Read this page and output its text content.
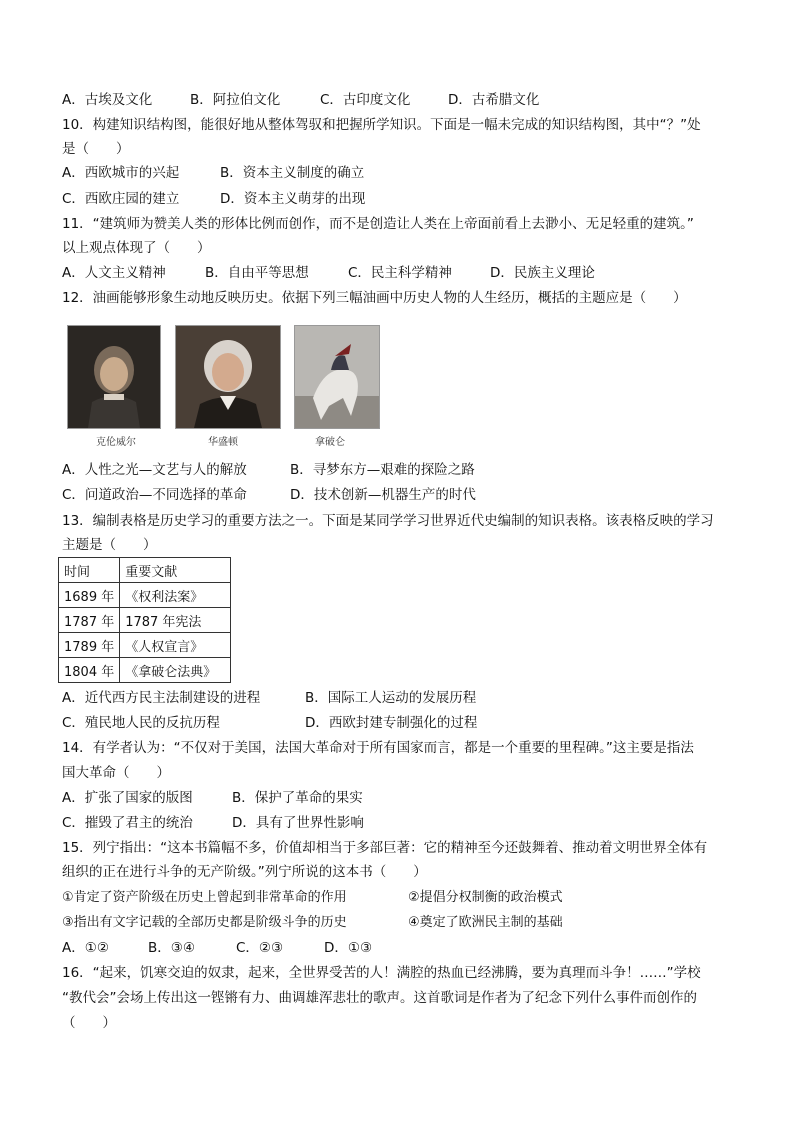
A．古埃及文化	B．阿拉伯文化	C．古印度文化	D．古希腊文化
10．构建知识结构图，能很好地从整体驾驭和把握所学知识。下面是一幅未完成的知识结构图，其中“？”处
是（　　）
A．西欧城市的兴起	B．资本主义制度的确立
C．西欧庄园的建立	D．资本主义萌芽的出现
11．“建筑师为赞美人类的形体比例而创作，而不是创造让人类在上帝面前看上去渺小、无足轻重的建筑。”
以上观点体现了（　　）
A．人文主义精神	B．自由平等思想	C．民主科学精神	D．民族主义理论
12．油画能够形象生动地反映历史。依据下列三幅油画中历史人物的人生经历，概括的主题应是（　　）
克伦威尔	华盛顿	拿破仑
A．人性之光—文艺与人的解放	B．寻梦东方—艰难的探险之路
C．问道政治—不同选择的革命	D．技术创新—机器生产的时代
13．编制表格是历史学习的重要方法之一。下面是某同学学习世界近代史编制的知识表格。该表格反映的学习
主题是（　　）
时间	重要文献
1689 年	《权利法案》
1787 年	1787 年宪法
1789 年	《人权宣言》
1804 年	《拿破仑法典》
A．近代西方民主法制建设的进程	B．国际工人运动的发展历程
C．殖民地人民的反抗历程	D．西欧封建专制强化的过程
14．有学者认为：“不仅对于美国，法国大革命对于所有国家而言，都是一个重要的里程碑。”这主要是指法
国大革命（　　）
A．扩张了国家的版图	B．保护了革命的果实
C．摧毁了君主的统治	D．具有了世界性影响
15．列宁指出：“这本书篇幅不多，价值却相当于多部巨著：它的精神至今还鼓舞着、推动着文明世界全体有
组织的正在进行斗争的无产阶级。”列宁所说的这本书（　　）
①肯定了资产阶级在历史上曾起到非常革命的作用	②提倡分权制衡的政治模式
③指出有文字记载的全部历史都是阶级斗争的历史	④奠定了欧洲民主制的基础
A．①②	B．③④	C．②③	D．①③
16．“起来，饥寒交迫的奴隶，起来，全世界受苦的人！满腔的热血已经沸腾，要为真理而斗争！……”学校
“教代会”会场上传出这一铿锵有力、曲调雄浑悲壮的歌声。这首歌词是作者为了纪念下列什么事件而创作的
（　　）
